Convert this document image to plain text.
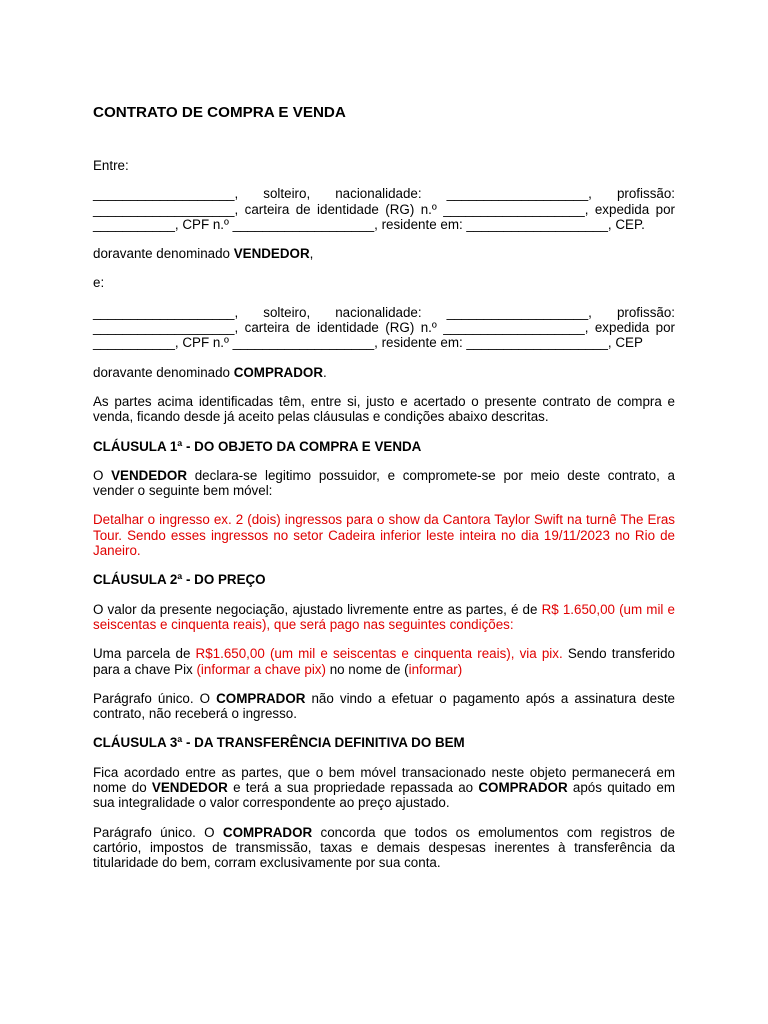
CONTRATO DE COMPRA E VENDA

Entre:

___________________, solteiro, nacionalidade: ___________________, profissão: ___________________, carteira de identidade (RG) n.º ___________________, expedida por ___________, CPF n.º ___________________, residente em: ___________________, CEP.

doravante denominado VENDEDOR,

e:

___________________, solteiro, nacionalidade: ___________________, profissão: ___________________, carteira de identidade (RG) n.º ___________________, expedida por ___________, CPF n.º ___________________, residente em: ___________________, CEP

doravante denominado COMPRADOR.

As partes acima identificadas têm, entre si, justo e acertado o presente contrato de compra e venda, ficando desde já aceito pelas cláusulas e condições abaixo descritas.

CLÁUSULA 1ª - DO OBJETO DA COMPRA E VENDA

O VENDEDOR declara-se legitimo possuidor, e compromete-se por meio deste contrato, a vender o seguinte bem móvel:

Detalhar o ingresso ex. 2 (dois) ingressos para o show da Cantora Taylor Swift na turnê The Eras Tour. Sendo esses ingressos no setor Cadeira inferior leste inteira no dia 19/11/2023 no Rio de Janeiro.

CLÁUSULA 2ª - DO PREÇO

O valor da presente negociação, ajustado livremente entre as partes, é de R$ 1.650,00 (um mil e seiscentas e cinquenta reais), que será pago nas seguintes condições:

Uma parcela de R$1.650,00 (um mil e seiscentas e cinquenta reais), via pix. Sendo transferido para a chave Pix (informar a chave pix) no nome de (informar)

Parágrafo único. O COMPRADOR não vindo a efetuar o pagamento após a assinatura deste contrato, não receberá o ingresso.

CLÁUSULA 3ª - DA TRANSFERÊNCIA DEFINITIVA DO BEM

Fica acordado entre as partes, que o bem móvel transacionado neste objeto permanecerá em nome do VENDEDOR e terá a sua propriedade repassada ao COMPRADOR após quitado em sua integralidade o valor correspondente ao preço ajustado.

Parágrafo único. O COMPRADOR concorda que todos os emolumentos com registros de cartório, impostos de transmissão, taxas e demais despesas inerentes à transferência da titularidade do bem, corram exclusivamente por sua conta.
